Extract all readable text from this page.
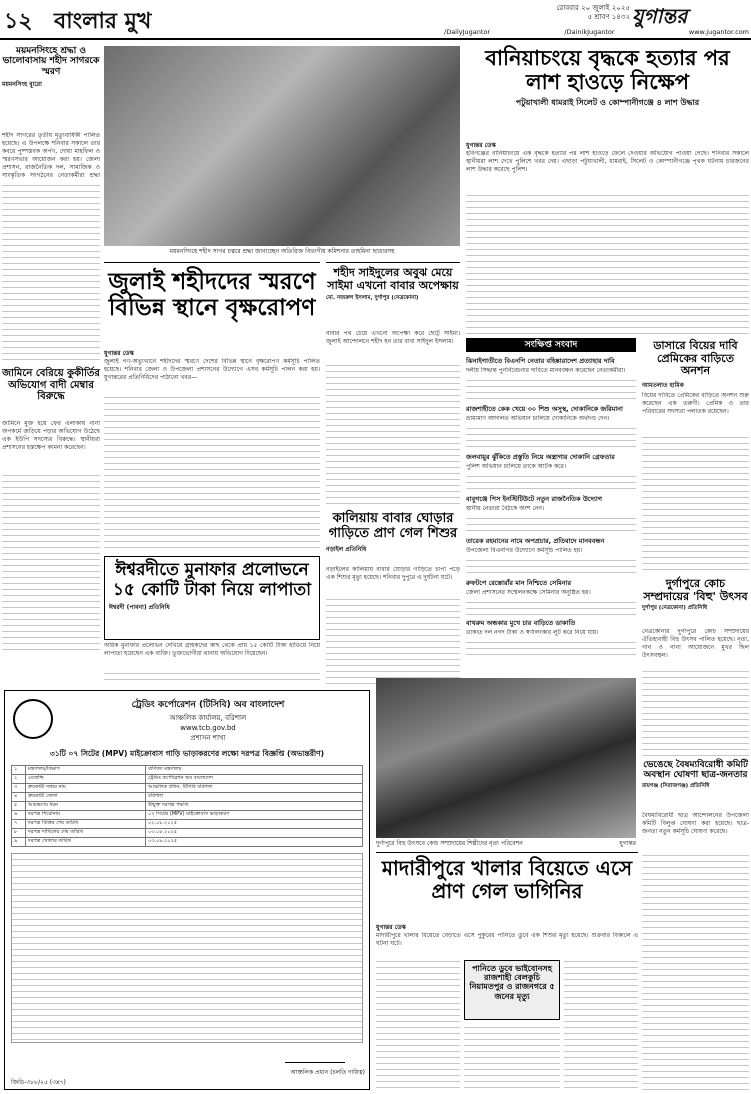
১২ বাংলার মুখ
রোববার ২০ জুলাই ২০২৫
৫ শ্রাবণ ১৪৩২ যুগান্তর
/DailyJugantor	/DainikJugantor	www.jugantor.com
ময়মনসিংহে শ্রদ্ধা ও ভালোবাসায় শহীদ সাগরকে স্মরণ
ময়মনসিংহ ব্যুরো
শহীদ সাগরের তৃতীয় মৃত্যুবার্ষিকী পালিত হয়েছে। এ উপলক্ষে শনিবার সকালে তার কবরে পুষ্পস্তবক অর্পণ, দোয়া মাহফিল ও স্মরণসভার আয়োজন করা হয়। জেলা প্রশাসন, রাজনৈতিক দল, সামাজিক ও সাংস্কৃতিক সংগঠনের নেতাকর্মীরা শ্রদ্ধা
জামিনে বেরিয়ে কুকীর্তির অভিযোগ বাদী মেম্বার বিরুদ্ধে
জামিনে মুক্ত হয়ে ফের এলাকায় নানা অপকর্মে জড়িয়ে পড়ার অভিযোগ উঠেছে এক ইউপি সদস্যের বিরুদ্ধে। স্থানীয়রা প্রশাসনের হস্তক্ষেপ কামনা করেছেন।
ময়মনসিংহে শহীদ সাগর চত্বরে শ্রদ্ধা জানাচ্ছেন অতিরিক্ত বিভাগীয় কমিশনার তাহমিনা ছাত্তারসহ
জুলাই শহীদদের স্মরণে বিভিন্ন স্থানে বৃক্ষরোপণ
যুগান্তর ডেস্ক
জুলাই গণ-অভ্যুত্থানে শহীদদের স্মরণে দেশের বিভিন্ন স্থানে বৃক্ষরোপণ কর্মসূচি পালিত হয়েছে। শনিবার জেলা ও উপজেলা প্রশাসনের উদ্যোগে এসব কর্মসূচি পালন করা হয়। যুগান্তরের প্রতিনিধিদের পাঠানো খবর—
শহীদ সাইদুলের অবুঝ মেয়ে সাইমা এখনো বাবার অপেক্ষায়
মো. নজরুল ইসলাম, দুর্গাপুর (নেত্রকোনা)
বাবার পথ চেয়ে এখনো অপেক্ষা করে ছোট্ট সাইমা। জুলাই আন্দোলনে শহীদ হন তার বাবা সাইদুল ইসলাম।
ঈশ্বরদীতে মুনাফার প্রলোভনে ১৫ কোটি টাকা নিয়ে লাপাতা
ঈশ্বরদী (পাবনা) প্রতিনিধি
অধিক মুনাফার প্রলোভন দেখিয়ে গ্রাহকদের কাছ থেকে প্রায় ১৫ কোটি টাকা হাতিয়ে নিয়ে লাপাতা হয়েছেন এক ব্যক্তি। ভুক্তভোগীরা থানায় অভিযোগ দিয়েছেন।
কালিয়ায় বাবার ঘোড়ার গাড়িতে প্রাণ গেল শিশুর
নড়াইল প্রতিনিধি
নড়াইলের কালিয়ায় বাবার ঘোড়ার গাড়িতে চাপা পড়ে এক শিশুর মৃত্যু হয়েছে। শনিবার দুপুরে এ দুর্ঘটনা ঘটে।
বানিয়াচংয়ে বৃদ্ধকে হত্যার পর লাশ হাওড়ে নিক্ষেপ
পটুয়াখালী ধামরাই সিলেট ও কোম্পানীগঞ্জে ৪ লাশ উদ্ধার
যুগান্তর ডেস্ক
হবিগঞ্জের বানিয়াচংয়ে এক বৃদ্ধকে হত্যার পর লাশ হাওড়ে ফেলে দেওয়ার অভিযোগ পাওয়া গেছে। শনিবার সকালে স্থানীয়রা লাশ দেখে পুলিশে খবর দেয়। এছাড়া পটুয়াখালী, ধামরাই, সিলেট ও কোম্পানীগঞ্জে পৃথক ঘটনায় চারজনের লাশ উদ্ধার করেছে পুলিশ।
সংক্ষিপ্ত সংবাদ
ঝিনাইগাতীতে বিএনপি নেতার বহিষ্কারাদেশ প্রত্যাহার দাবি
দলীয় সিদ্ধান্ত পুনর্বিবেচনার দাবিতে মানববন্ধন করেছেন নেতাকর্মীরা।
রাজশাহীতে কেক খেয়ে ৩০ শিশু অসুস্থ, দোকানিকে জরিমানা
ভ্রাম্যমাণ আদালত অভিযান চালিয়ে দোকানিকে অর্থদণ্ড দেন।
জলবায়ুর ঝুঁকিতে প্রস্তুতি নিয়ে অস্ত্রাগার দোকানি গ্রেফতার
পুলিশ অভিযান চালিয়ে তাকে আটক করে।
বাবুগঞ্জে পিস ইনস্টিটিউটে নতুন রাজনৈতিক উদ্যোগ
স্থানীয় নেতারা বৈঠকে অংশ নেন।
তারেক রহমানের নামে অপপ্রচার, প্রতিবাদে মানববন্ধন
উপজেলা বিএনপির উদ্যোগে কর্মসূচি পালিত হয়।
রুফটপে রেস্তোরাঁর মান নিশ্চিতে সেমিনার
জেলা প্রশাসনের সম্মেলনকক্ষে সেমিনার অনুষ্ঠিত হয়।
বাথরুম অন্ধকার মুখে চার বাড়িতে ডাকাতি
ডাকাত দল নগদ টাকা ও স্বর্ণালংকার লুট করে নিয়ে যায়।
ডাসারে বিয়ের দাবি প্রেমিকের বাড়িতে অনশন
আমতলাত হামিক
বিয়ের দাবিতে প্রেমিকের বাড়িতে অনশন শুরু করেছেন এক তরুণী। প্রেমিক ও তার পরিবারের সদস্যরা পলাতক রয়েছেন।
দুর্গাপুরে কোচ সম্প্রদায়ের 'বিহু' উৎসব
দুর্গাপুর (নেত্রকোনা) প্রতিনিধি
নেত্রকোনার দুর্গাপুরে কোচ সম্প্রদায়ের ঐতিহ্যবাহী বিহু উৎসব পালিত হয়েছে। নৃত্য, গান ও নানা আয়োজনে মুখর ছিল উৎসবস্থল।
ভেঙেছে বৈষম্যবিরোধী কমিটি অবস্থান ঘোষণা ছাত্র-জনতার
রায়গঞ্জ (সিরাজগঞ্জ) প্রতিনিধি
বৈষম্যবিরোধী ছাত্র আন্দোলনের উপজেলা কমিটি বিলুপ্ত ঘোষণা করা হয়েছে। ছাত্র-জনতা নতুন কর্মসূচি ঘোষণা করেছে।
দুর্গাপুরে বিহু উৎসবে কোচ সম্প্রদায়ের শিল্পীদের নৃত্য পরিবেশন	যুগান্তর
মাদারীপুরে খালার বিয়েতে এসে প্রাণ গেল ভাগিনির
যুগান্তর ডেস্ক
মাদারীপুরে খালার বিয়েতে বেড়াতে এসে পুকুরের পানিতে ডুবে এক শিশুর মৃত্যু হয়েছে। শুক্রবার বিকালে এ ঘটনা ঘটে।
পানিতে ডুবে ভাইবোনসহ রাজশাহী বেলকুচি নিয়ামতপুর ও রাজনগরে ৫ জনের মৃত্যু
ট্রেডিং কর্পোরেশন (টিসিবি) অব বাংলাদেশ
আঞ্চলিক কার্যালয়, বরিশাল
www.tcb.gov.bd
প্রশাসন শাখা
৩১টি ০৭ সিটের (MPV) মাইক্রোবাস গাড়ি ভাড়াকরণের লক্ষ্যে দরপত্র বিজ্ঞপ্তি (অভ্যন্তরীণ)
১	মন্ত্রণালয়/বিভাগ	বাণিজ্য মন্ত্রণালয়
২	এজেন্সি	ট্রেডিং কর্পোরেশন অব বাংলাদেশ
৩	ক্রয়কারী সত্তার নাম	আঞ্চলিক প্রধান, টিসিবি বরিশাল
৪	ক্রয়কারী জেলা	বরিশাল
৫	আমন্ত্রণের ধরন	উন্মুক্ত দরপত্র পদ্ধতি
৬	দরপত্র শিরোনাম	০৭ সিটের (MPV) মাইক্রোবাস ভাড়াকরণ
৭	দরপত্র বিক্রির শেষ তারিখ	০২.০৮.২০২৫
৮	দরপত্র দাখিলের শেষ তারিখ	০৩.০৮.২০২৫
৯	দরপত্র খোলার তারিখ	০৩.০৮.২০২৫
আঞ্চলিক প্রধান (চলতি দায়িত্ব)
জিডি-৩৮৮/২৫ (৩x৭)
